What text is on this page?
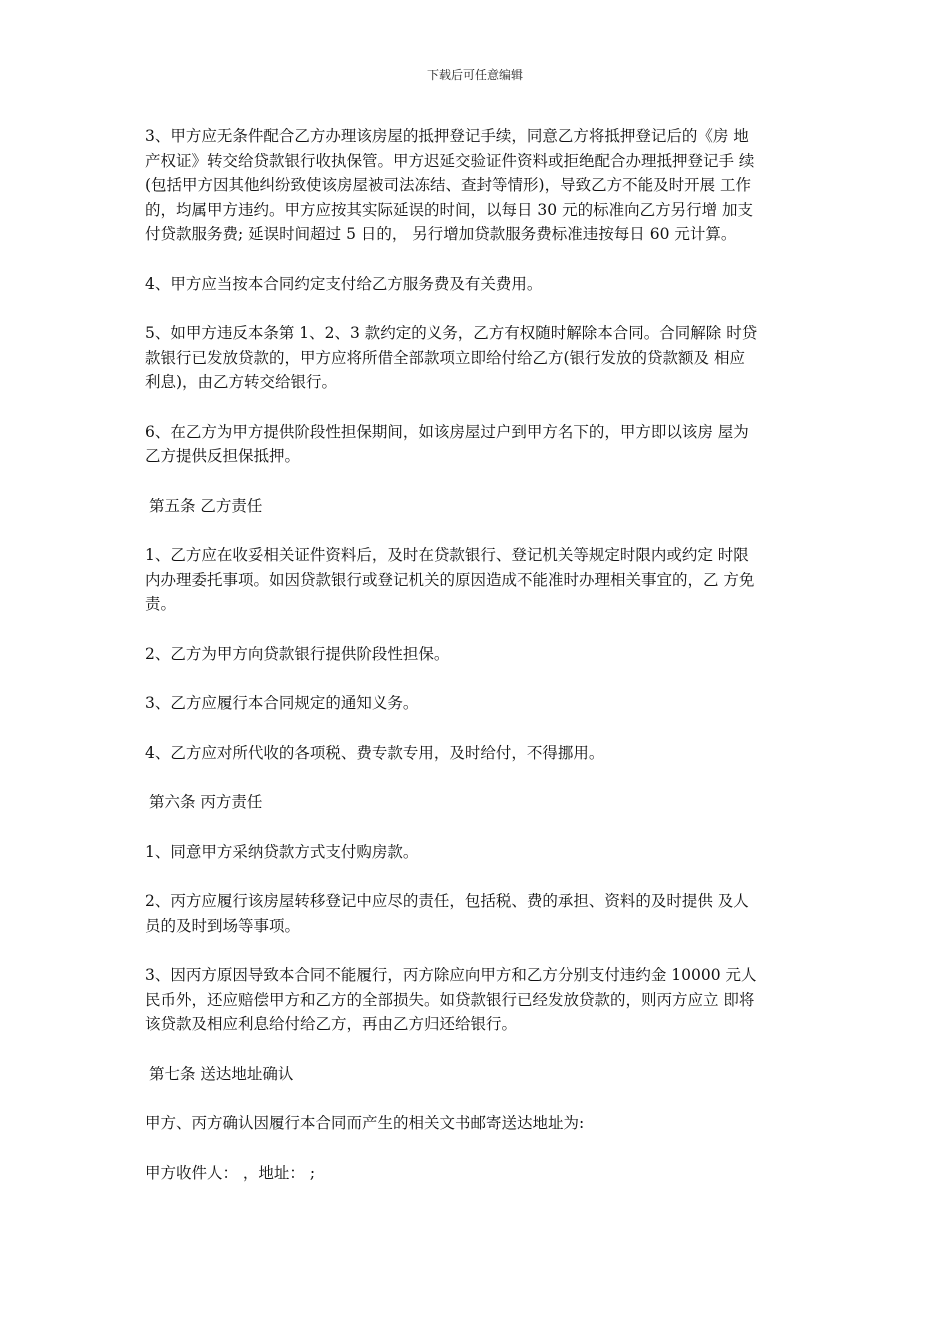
下载后可任意编辑

3、甲方应无条件配合乙方办理该房屋的抵押登记手续，同意乙方将抵押登记后的《房 地

产权证》转交给贷款银行收执保管。甲方迟延交验证件资料或拒绝配合办理抵押登记手 续

(包括甲方因其他纠纷致使该房屋被司法冻结、查封等情形)，导致乙方不能及时开展 工作

的，均属甲方违约。甲方应按其实际延误的时间，以每日 30 元的标准向乙方另行增 加支

付贷款服务费; 延误时间超过 5 日的， 另行增加贷款服务费标准违按每日 60 元计算。

4、甲方应当按本合同约定支付给乙方服务费及有关费用。

5、如甲方违反本条第 1、2、3 款约定的义务，乙方有权随时解除本合同。合同解除 时贷

款银行已发放贷款的，甲方应将所借全部款项立即给付给乙方(银行发放的贷款额及 相应

利息)，由乙方转交给银行。

6、在乙方为甲方提供阶段性担保期间，如该房屋过户到甲方名下的，甲方即以该房 屋为

乙方提供反担保抵押。

第五条 乙方责任

1、乙方应在收妥相关证件资料后，及时在贷款银行、登记机关等规定时限内或约定 时限

内办理委托事项。如因贷款银行或登记机关的原因造成不能准时办理相关事宜的，乙 方免

责。

2、乙方为甲方向贷款银行提供阶段性担保。

3、乙方应履行本合同规定的通知义务。

4、乙方应对所代收的各项税、费专款专用，及时给付，不得挪用。

第六条 丙方责任

1、同意甲方采纳贷款方式支付购房款。

2、丙方应履行该房屋转移登记中应尽的责任，包括税、费的承担、资料的及时提供 及人

员的及时到场等事项。

3、因丙方原因导致本合同不能履行，丙方除应向甲方和乙方分别支付违约金 10000 元人

民币外，还应赔偿甲方和乙方的全部损失。如贷款银行已经发放贷款的，则丙方应立 即将

该贷款及相应利息给付给乙方，再由乙方归还给银行。

第七条 送达地址确认

甲方、丙方确认因履行本合同而产生的相关文书邮寄送达地址为:

甲方收件人： ，地址： ;
